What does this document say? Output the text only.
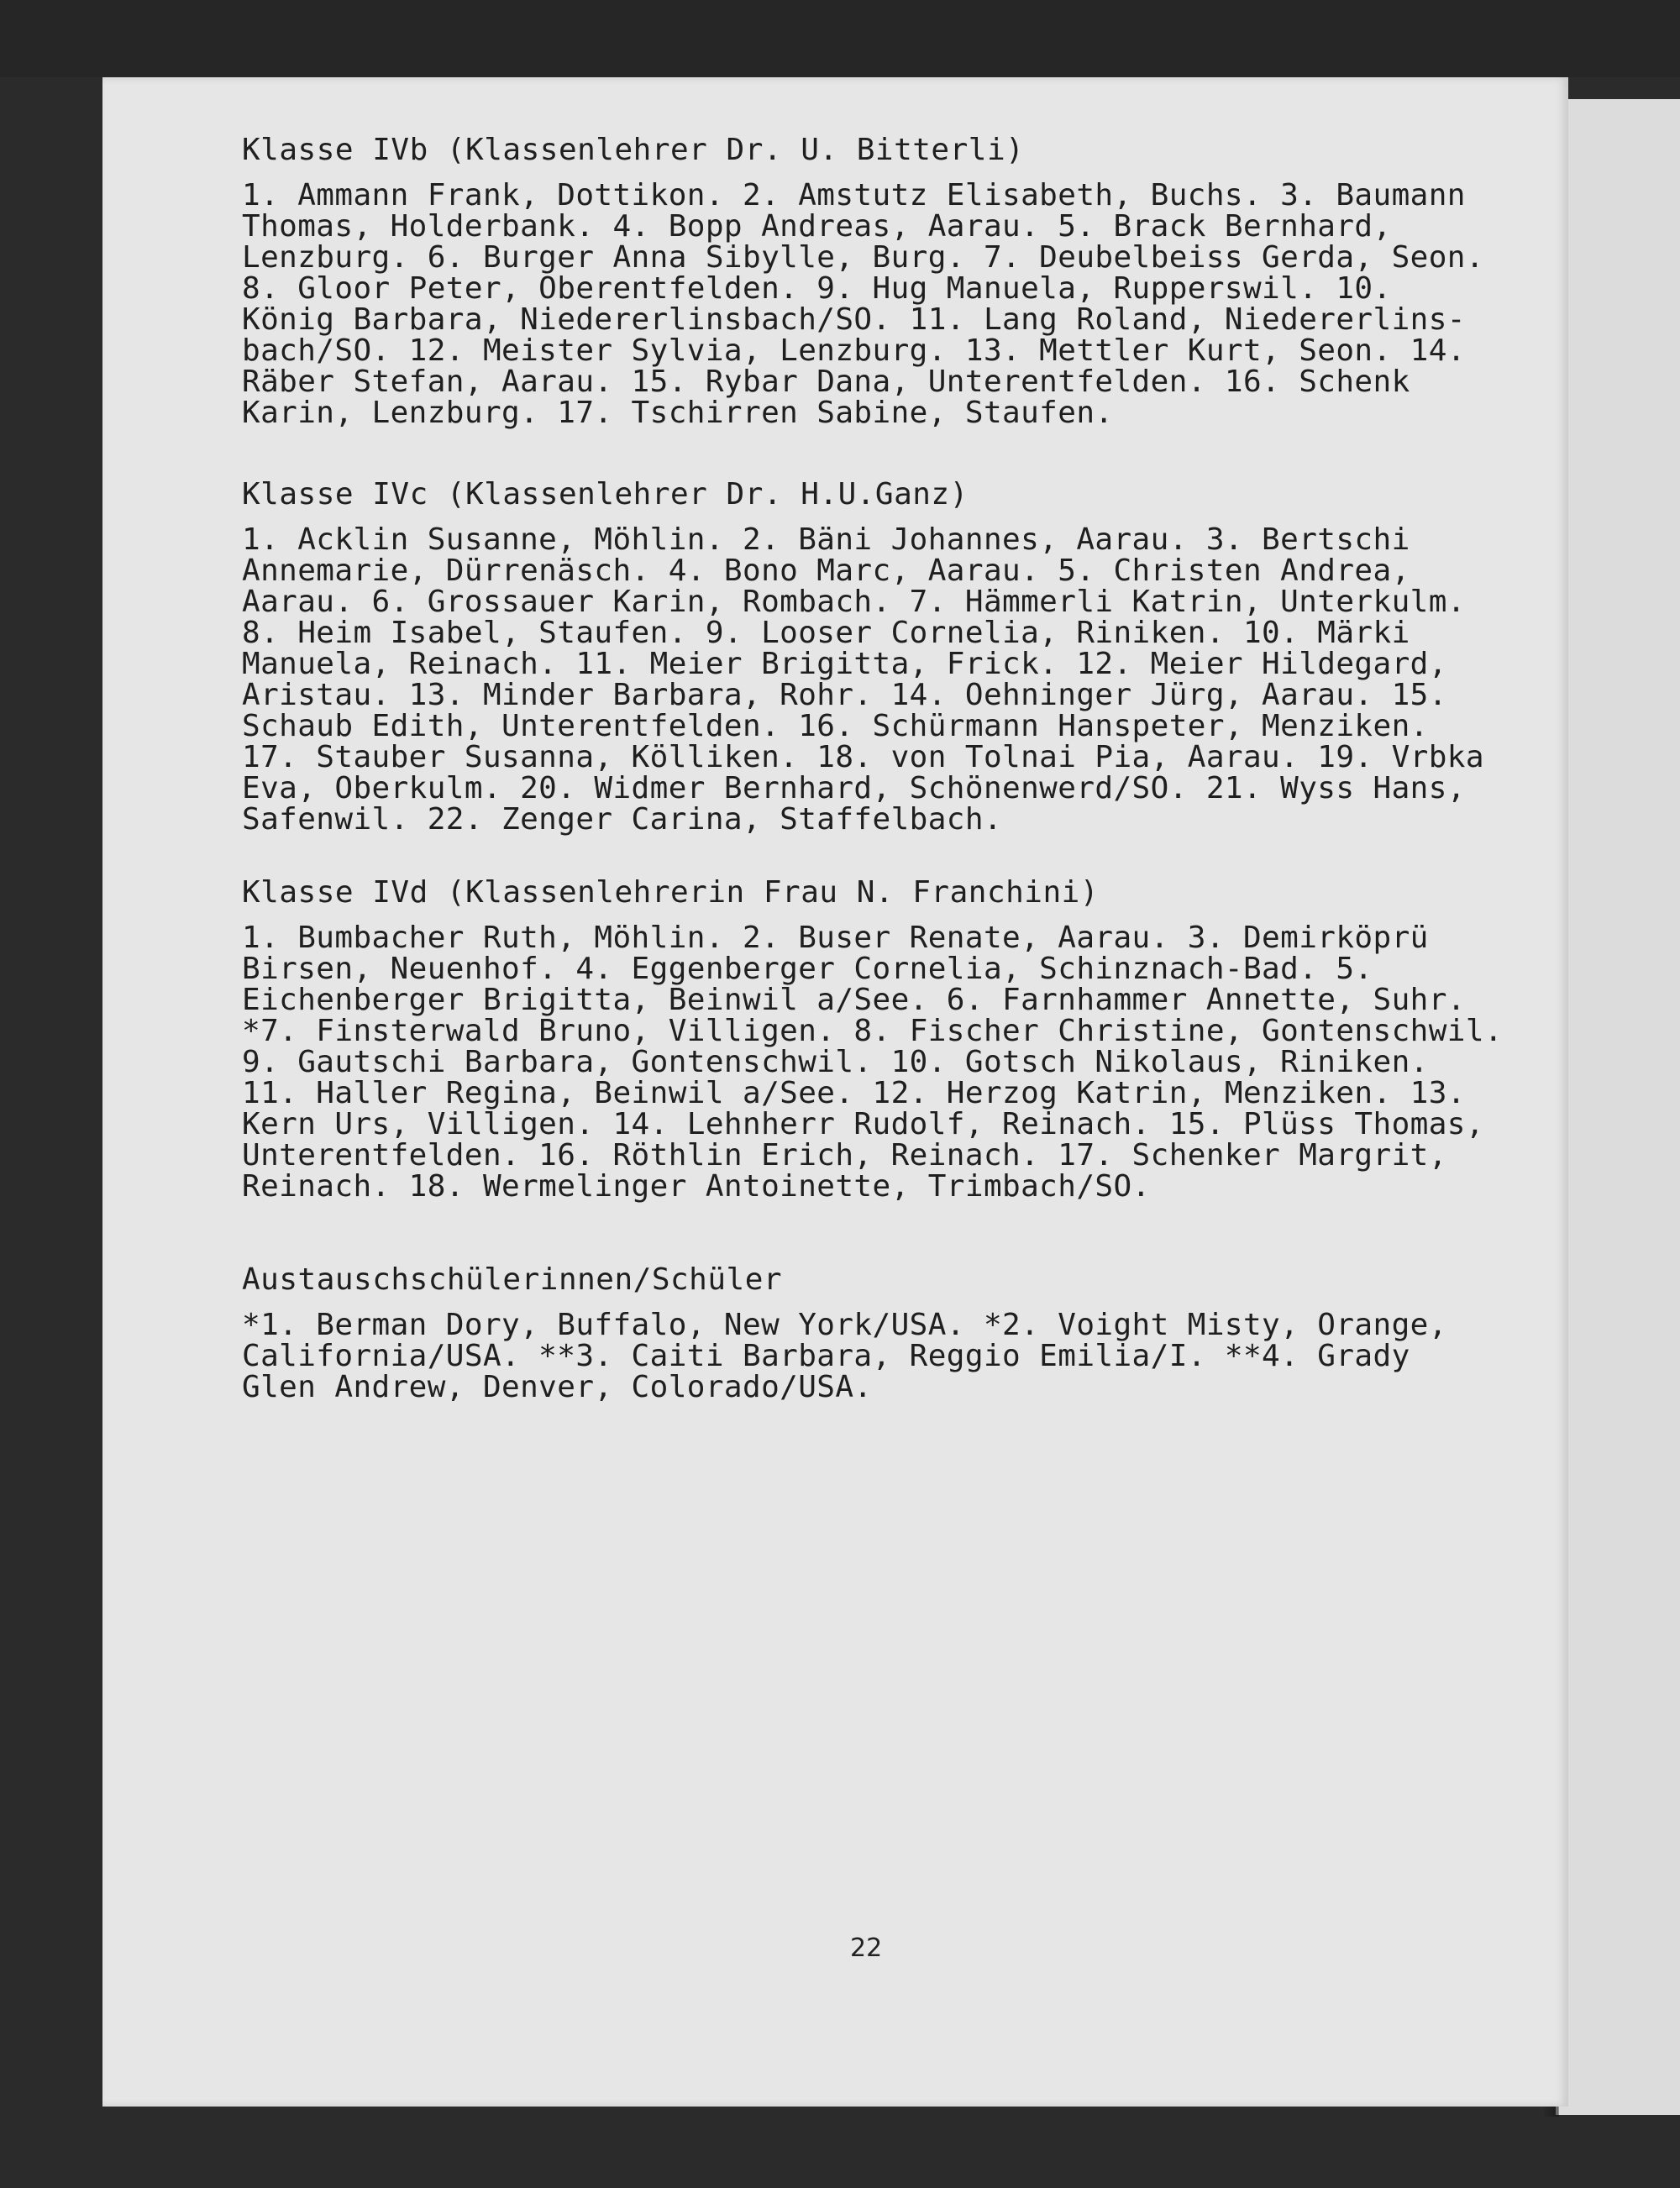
Klasse IVb (Klassenlehrer Dr. U. Bitterli)
1. Ammann Frank, Dottikon. 2. Amstutz Elisabeth, Buchs. 3. Baumann
Thomas, Holderbank. 4. Bopp Andreas, Aarau. 5. Brack Bernhard,
Lenzburg. 6. Burger Anna Sibylle, Burg. 7. Deubelbeiss Gerda, Seon.
8. Gloor Peter, Oberentfelden. 9. Hug Manuela, Rupperswil. 10.
König Barbara, Niedererlinsbach/SO. 11. Lang Roland, Niedererlins-
bach/SO. 12. Meister Sylvia, Lenzburg. 13. Mettler Kurt, Seon. 14.
Räber Stefan, Aarau. 15. Rybar Dana, Unterentfelden. 16. Schenk
Karin, Lenzburg. 17. Tschirren Sabine, Staufen.
Klasse IVc (Klassenlehrer Dr. H.U.Ganz)
1. Acklin Susanne, Möhlin. 2. Bäni Johannes, Aarau. 3. Bertschi
Annemarie, Dürrenäsch. 4. Bono Marc, Aarau. 5. Christen Andrea,
Aarau. 6. Grossauer Karin, Rombach. 7. Hämmerli Katrin, Unterkulm.
8. Heim Isabel, Staufen. 9. Looser Cornelia, Riniken. 10. Märki
Manuela, Reinach. 11. Meier Brigitta, Frick. 12. Meier Hildegard,
Aristau. 13. Minder Barbara, Rohr. 14. Oehninger Jürg, Aarau. 15.
Schaub Edith, Unterentfelden. 16. Schürmann Hanspeter, Menziken.
17. Stauber Susanna, Kölliken. 18. von Tolnai Pia, Aarau. 19. Vrbka
Eva, Oberkulm. 20. Widmer Bernhard, Schönenwerd/SO. 21. Wyss Hans,
Safenwil. 22. Zenger Carina, Staffelbach.
Klasse IVd (Klassenlehrerin Frau N. Franchini)
1. Bumbacher Ruth, Möhlin. 2. Buser Renate, Aarau. 3. Demirköprü
Birsen, Neuenhof. 4. Eggenberger Cornelia, Schinznach-Bad. 5.
Eichenberger Brigitta, Beinwil a/See. 6. Farnhammer Annette, Suhr.
*7. Finsterwald Bruno, Villigen. 8. Fischer Christine, Gontenschwil.
9. Gautschi Barbara, Gontenschwil. 10. Gotsch Nikolaus, Riniken.
11. Haller Regina, Beinwil a/See. 12. Herzog Katrin, Menziken. 13.
Kern Urs, Villigen. 14. Lehnherr Rudolf, Reinach. 15. Plüss Thomas,
Unterentfelden. 16. Röthlin Erich, Reinach. 17. Schenker Margrit,
Reinach. 18. Wermelinger Antoinette, Trimbach/SO.
Austauschschülerinnen/Schüler
*1. Berman Dory, Buffalo, New York/USA. *2. Voight Misty, Orange,
California/USA. **3. Caiti Barbara, Reggio Emilia/I. **4. Grady
Glen Andrew, Denver, Colorado/USA.
22
